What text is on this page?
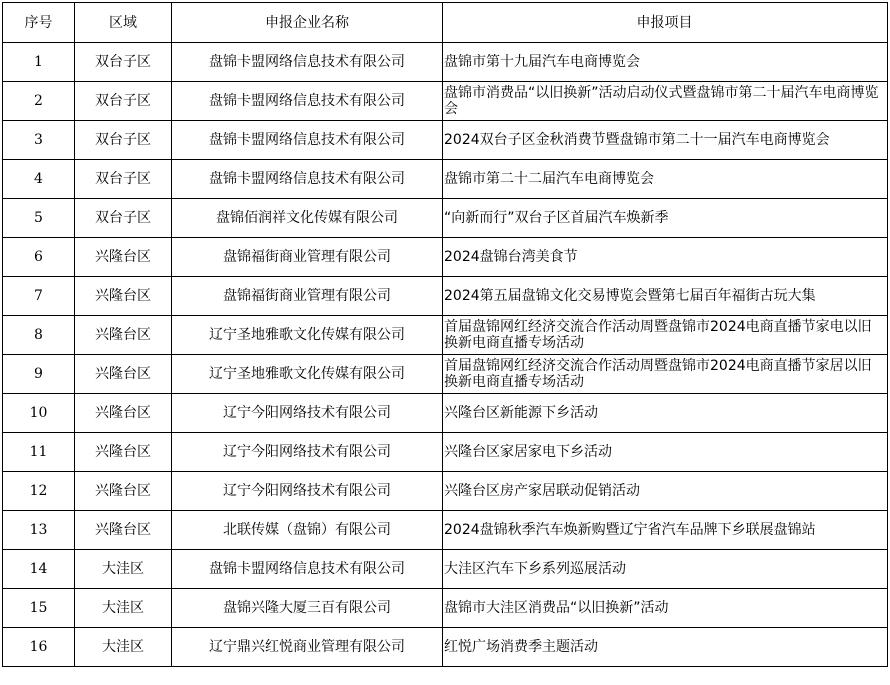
序号	区域	申报企业名称	申报项目
1	双台子区	盘锦卡盟网络信息技术有限公司	盘锦市第十九届汽车电商博览会
2	双台子区	盘锦卡盟网络信息技术有限公司	盘锦市消费品“以旧换新”活动启动仪式暨盘锦市第二十届汽车电商博览会
3	双台子区	盘锦卡盟网络信息技术有限公司	2024双台子区金秋消费节暨盘锦市第二十一届汽车电商博览会
4	双台子区	盘锦卡盟网络信息技术有限公司	盘锦市第二十二届汽车电商博览会
5	双台子区	盘锦佰润祥文化传媒有限公司	“向新而行”双台子区首届汽车焕新季
6	兴隆台区	盘锦福街商业管理有限公司	2024盘锦台湾美食节
7	兴隆台区	盘锦福街商业管理有限公司	2024第五届盘锦文化交易博览会暨第七届百年福街古玩大集
8	兴隆台区	辽宁圣地雅歌文化传媒有限公司	首届盘锦网红经济交流合作活动周暨盘锦市2024电商直播节家电以旧换新电商直播专场活动
9	兴隆台区	辽宁圣地雅歌文化传媒有限公司	首届盘锦网红经济交流合作活动周暨盘锦市2024电商直播节家居以旧换新电商直播专场活动
10	兴隆台区	辽宁今阳网络技术有限公司	兴隆台区新能源下乡活动
11	兴隆台区	辽宁今阳网络技术有限公司	兴隆台区家居家电下乡活动
12	兴隆台区	辽宁今阳网络技术有限公司	兴隆台区房产家居联动促销活动
13	兴隆台区	北联传媒（盘锦）有限公司	2024盘锦秋季汽车焕新购暨辽宁省汽车品牌下乡联展盘锦站
14	大洼区	盘锦卡盟网络信息技术有限公司	大洼区汽车下乡系列巡展活动
15	大洼区	盘锦兴隆大厦三百有限公司	盘锦市大洼区消费品“以旧换新”活动
16	大洼区	辽宁鼎兴红悦商业管理有限公司	红悦广场消费季主题活动
